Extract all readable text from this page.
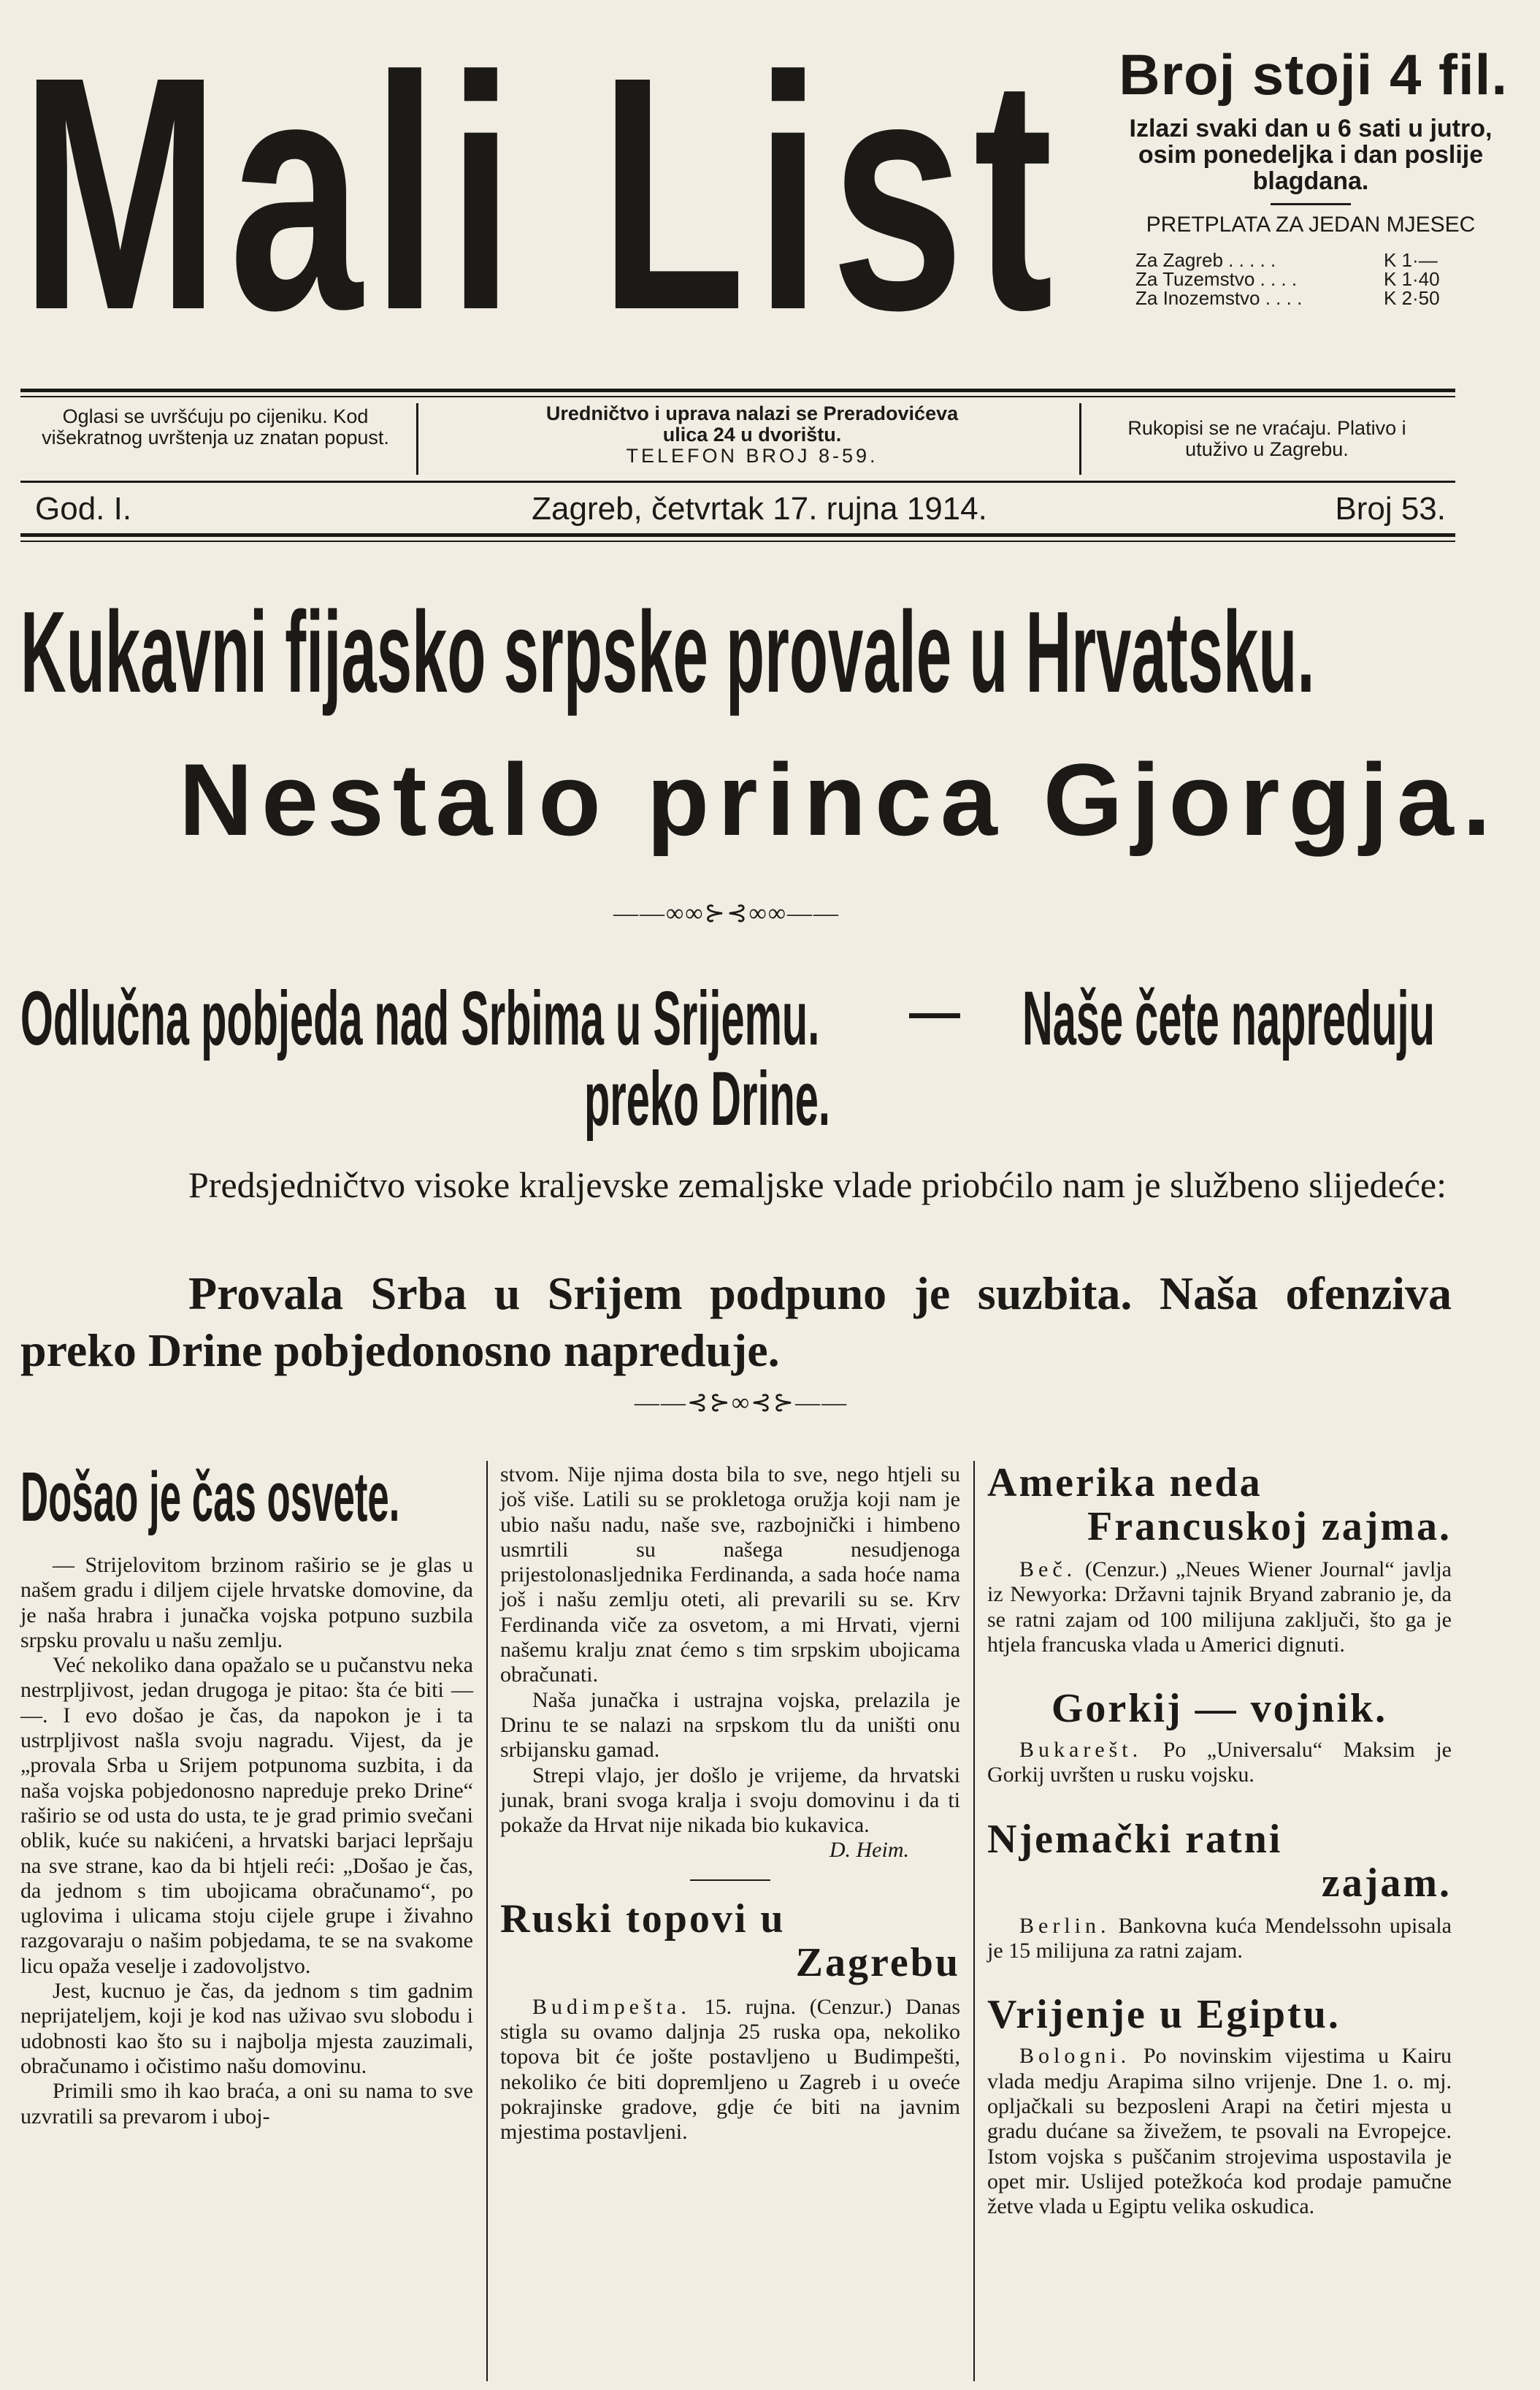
Mali List Broj stoji 4 fil.
Izlazi svaki dan u 6 sati u jutro, osim ponedeljka i dan poslije blagdana.
PRETPLATA ZA JEDAN MJESEC
Za Zagreb . . . . .	K 1·—
Za Tuzemstvo . . . .	K 1·40
Za Inozemstvo . . . .	K 2·50
Oglasi se uvršćuju po cijeniku. Kod višekratnog uvrštenja uz znatan popust.
Uredničtvo i uprava nalazi se Preradovićeva
ulica 24 u dvorištu.
TELEFON BROJ 8-59.
Rukopisi se ne vraćaju. Plativo i utuživo u Zagrebu.
God. I.	Zagreb, četvrtak 17. rujna 1914.	Broj 53.
Kukavni fijasko srpske provale u Hrvatsku.
Nestalo princa Gjorgja.
——∞∞⊱⊰∞∞——
Odlučna pobjeda nad Srbima u Srijemu. — Naše čete napreduju
preko Drine.
Predsjedničtvo visoke kraljevske zemaljske vlade priobćilo nam je službeno slijedeće:
Provala Srba u Srijem podpuno je suzbita. Naša ofenziva preko Drine pobjedonosno napreduje.
——⊰⊱∞⊰⊱——
Došao je čas osvete.

— Strijelovitom brzinom raširio se je glas u našem gradu i diljem cijele hrvatske domovine, da je naša hrabra i junačka vojska potpuno suzbila srpsku provalu u našu zemlju.

Već nekoliko dana opažalo se u pučanstvu neka nestrpljivost, jedan drugoga je pitao: šta će biti — —. I evo došao je čas, da napokon je i ta ustrpljivost našla svoju nagradu. Vijest, da je „provala Srba u Srijem potpunoma suzbita, i da naša vojska pobjedonosno napreduje preko Drine“ raširio se od usta do usta, te je grad primio svečani oblik, kuće su nakićeni, a hrvatski barjaci lepršaju na sve strane, kao da bi htjeli reći: „Došao je čas, da jednom s tim ubojicama obračunamo“, po uglovima i ulicama stoju cijele grupe i živahno razgovaraju o našim pobjedama, te se na svakome licu opaža veselje i zadovoljstvo.

Jest, kucnuo je čas, da jednom s tim gadnim neprijateljem, koji je kod nas uživao svu slobodu i udobnosti kao što su i najbolja mjesta zauzimali, obračunamo i očistimo našu domovinu.

Primili smo ih kao braća, a oni su nama to sve uzvratili sa prevarom i uboj-

stvom. Nije njima dosta bila to sve, nego htjeli su još više. Latili su se prokletoga oružja koji nam je ubio našu nadu, naše sve, razbojnički i himbeno usmrtili su našega nesudjenoga prijestolonasljednika Ferdinanda, a sada hoće nama još i našu zemlju oteti, ali prevarili su se. Krv Ferdinanda viče za osvetom, a mi Hrvati, vjerni našemu kralju znat ćemo s tim srpskim ubojicama obračunati.

Naša junačka i ustrajna vojska, prelazila je Drinu te se nalazi na srpskom tlu da uništi onu srbijansku gamad.

Strepi vlajo, jer došlo je vrijeme, da hrvatski junak, brani svoga kralja i svoju domovinu i da ti pokaže da Hrvat nije nikada bio kukavica.

D. Heim.
Ruski topovi u
Zagrebu

Budimpešta. 15. rujna. (Cenzur.) Danas stigla su ovamo daljnja 25 ruska opa, nekoliko topova bit će jošte postavljeno u Budimpešti, nekoliko će biti dopremljeno u Zagreb i u oveće pokrajinske gradove, gdje će biti na javnim mjestima postavljeni.

Amerika neda
Francuskoj zajma.

Beč. (Cenzur.) „Neues Wiener Journal“ javlja iz Newyorka: Državni tajnik Bryand zabranio je, da se ratni zajam od 100 milijuna zaključi, što ga je htjela francuska vlada u Americi dignuti.

Gorkij — vojnik.

Bukarešt. Po „Universalu“ Maksim je Gorkij uvršten u rusku vojsku.

Njemački ratni
zajam.

Berlin. Bankovna kuća Mendelssohn upisala je 15 milijuna za ratni zajam.

Vrijenje u Egiptu.

Bologni. Po novinskim vijestima u Kairu vlada medju Arapima silno vrijenje. Dne 1. o. mj. opljačkali su bezposleni Arapi na četiri mjesta u gradu dućane sa živežem, te psovali na Evropejce. Istom vojska s puščanim strojevima uspostavila je opet mir. Uslijed potežkoća kod prodaje pamučne žetve vlada u Egiptu velika oskudica.
